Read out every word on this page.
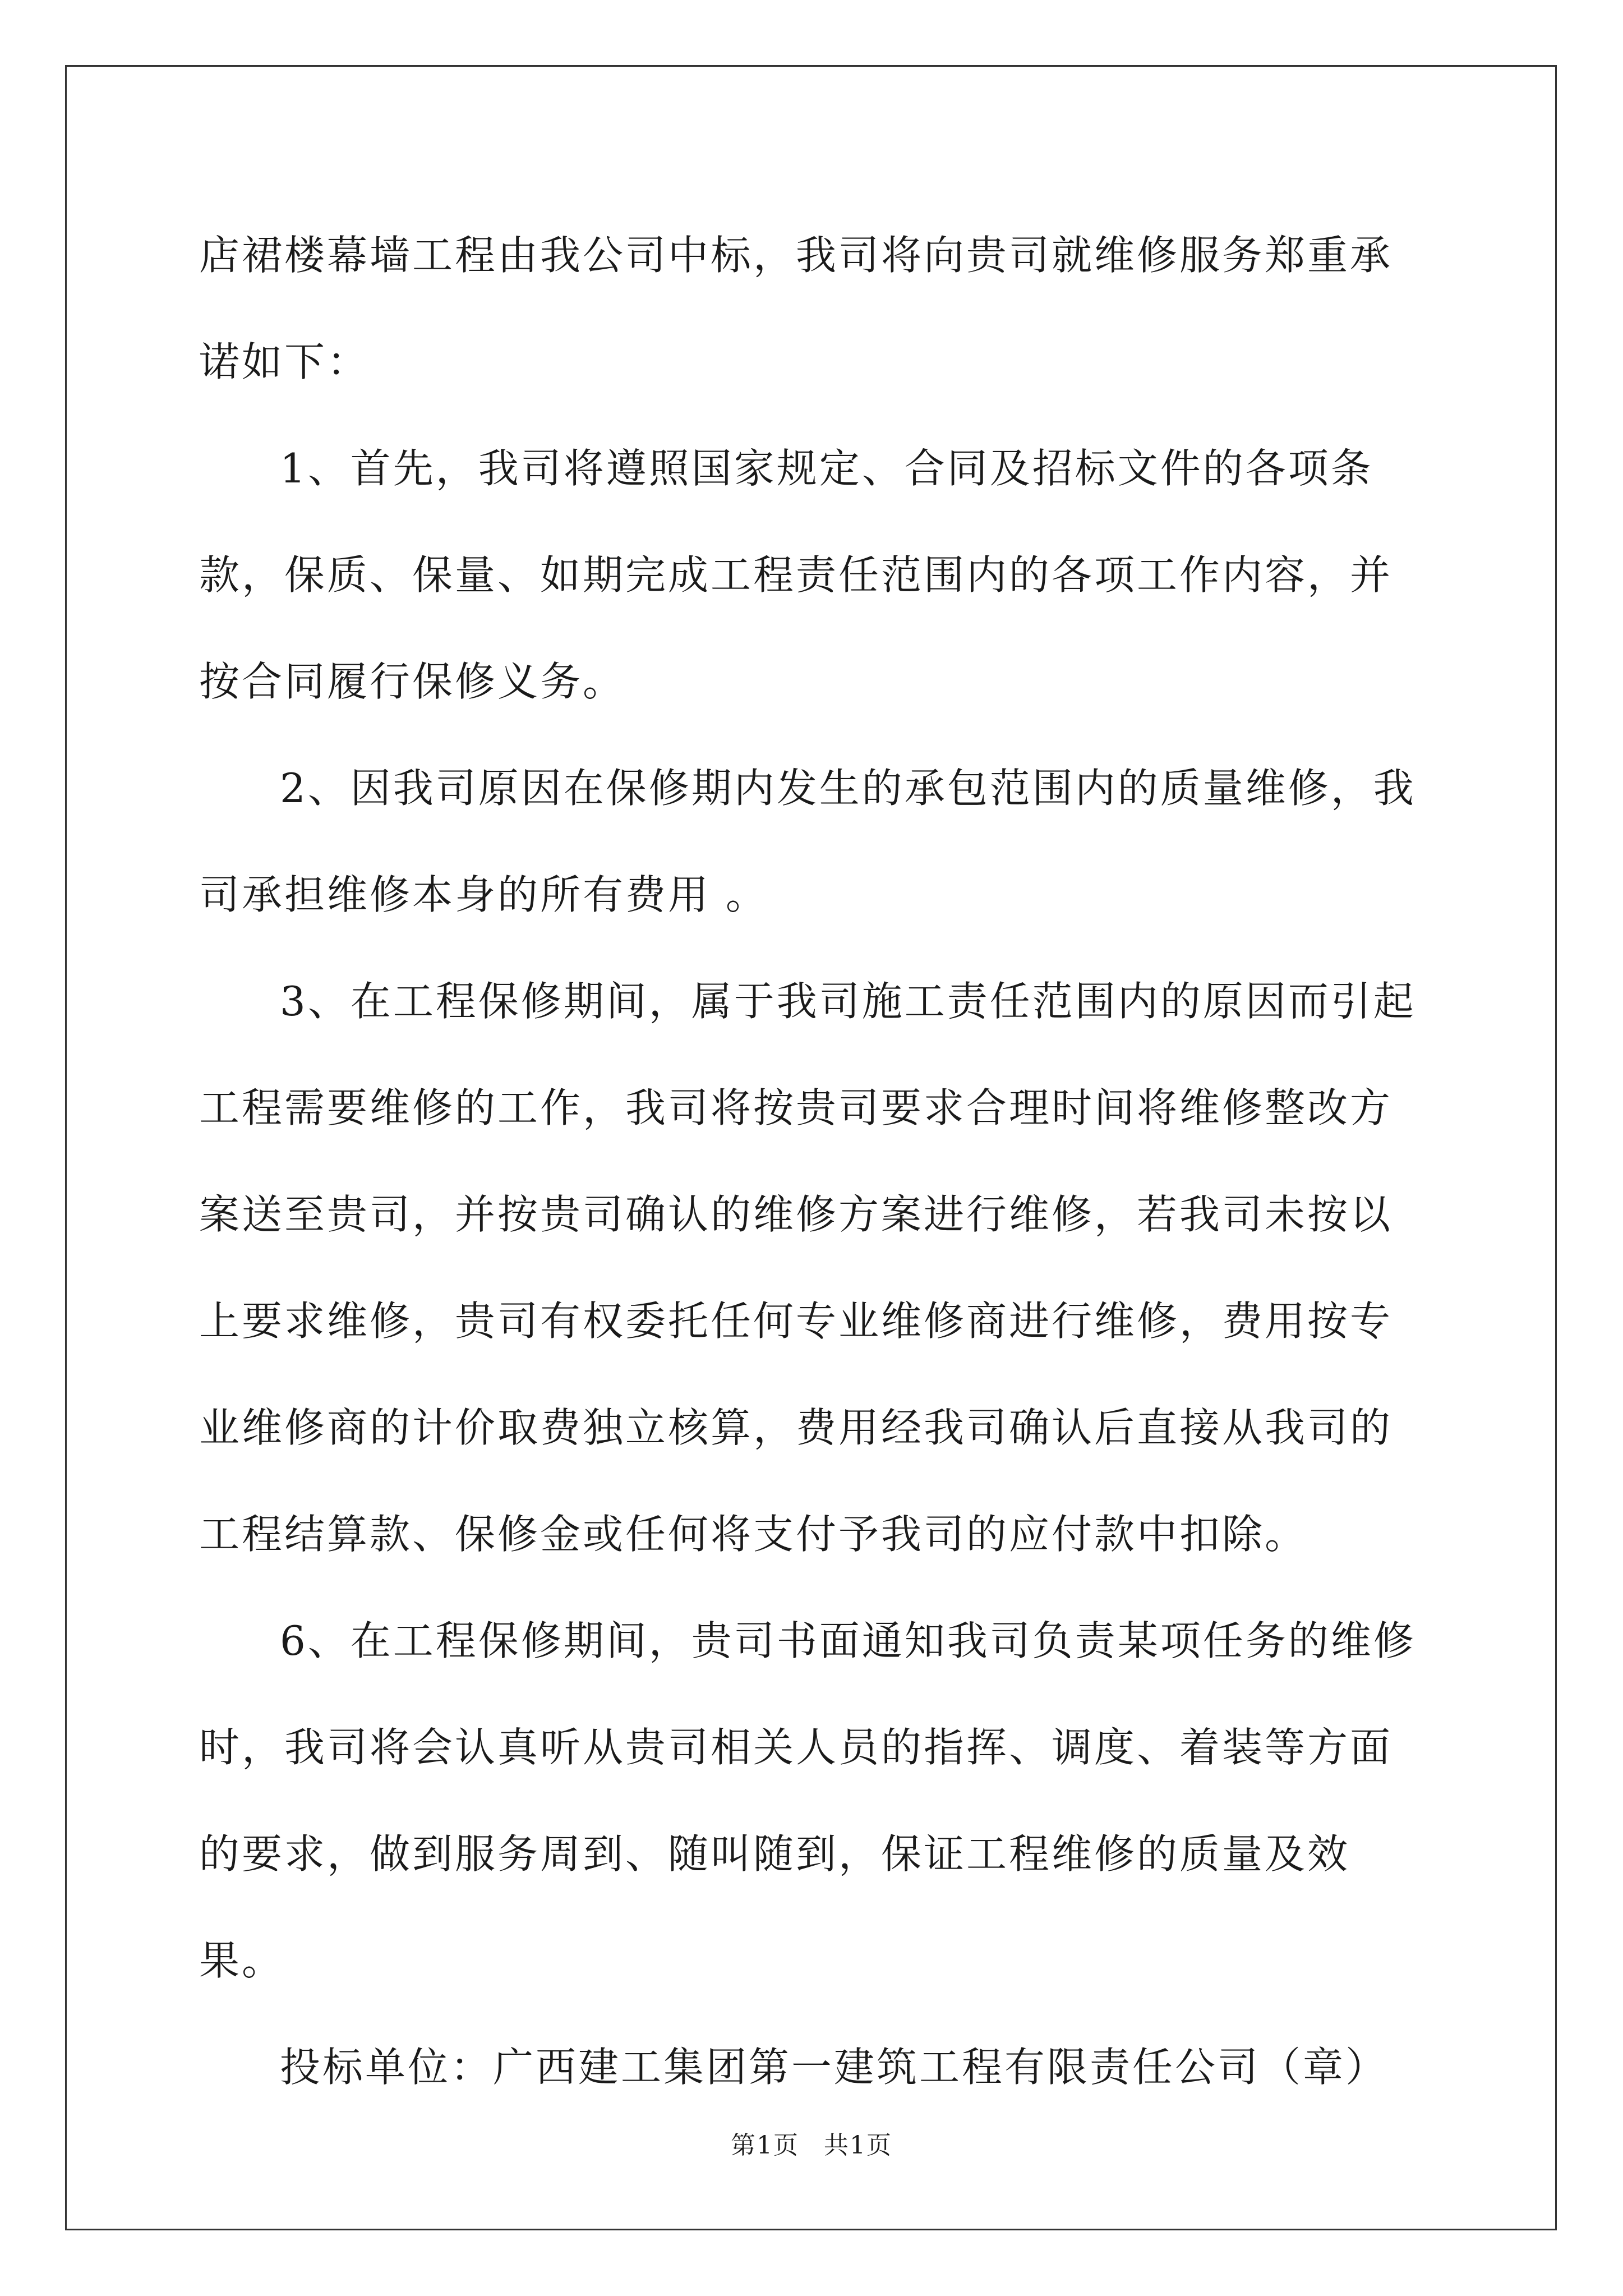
店裙楼幕墙工程由我公司中标，我司将向贵司就维修服务郑重承诺如下：

1、首先，我司将遵照国家规定、合同及招标文件的各项条款，保质、保量、如期完成工程责任范围内的各项工作内容，并按合同履行保修义务。

2、因我司原因在保修期内发生的承包范围内的质量维修，我司承担维修本身的所有费用 。

3、在工程保修期间，属于我司施工责任范围内的原因而引起工程需要维修的工作，我司将按贵司要求合理时间将维修整改方案送至贵司，并按贵司确认的维修方案进行维修，若我司未按以上要求维修，贵司有权委托任何专业维修商进行维修，费用按专业维修商的计价取费独立核算，费用经我司确认后直接从我司的工程结算款、保修金或任何将支付予我司的应付款中扣除。

6、在工程保修期间，贵司书面通知我司负责某项任务的维修时，我司将会认真听从贵司相关人员的指挥、调度、着装等方面的要求，做到服务周到、随叫随到，保证工程维修的质量及效果。

投标单位：广西建工集团第一建筑工程有限责任公司（章）

第1页 共1页
